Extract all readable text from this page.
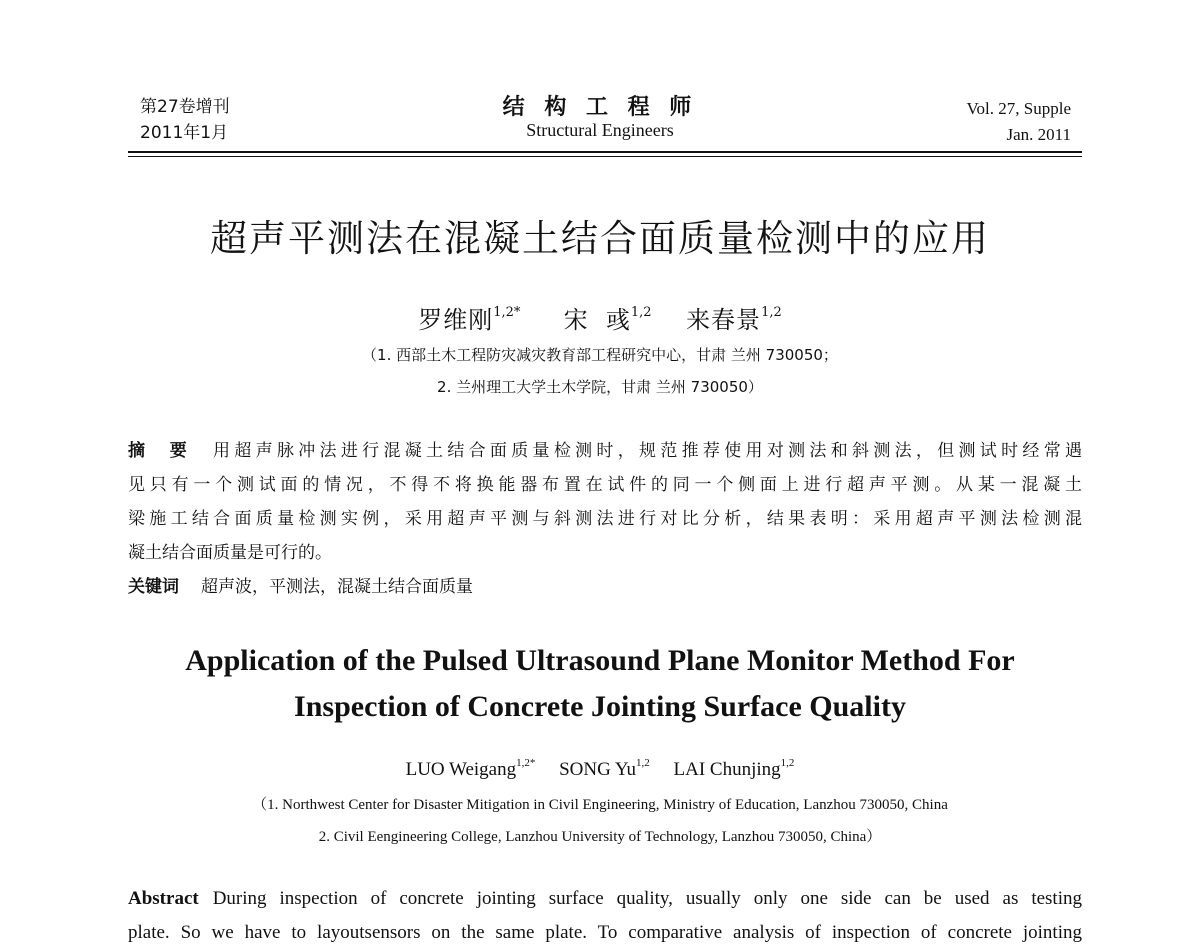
第27卷增刊
2011年1月
结 构 工 程 师
Structural Engineers
Vol. 27, Supple
Jan. 2011
超声平测法在混凝土结合面质量检测中的应用
罗维刚$^{1,2*}$ 宋  彧$^{1,2}$ 来春景$^{1,2}$
（1. 西部土木工程防灾减灾教育部工程研究中心，甘肃 兰州 730050；
2. 兰州理工大学土木学院，甘肃 兰州 730050）
摘  要 用超声脉冲法进行混凝土结合面质量检测时，规范推荐使用对测法和斜测法，但测试时经常遇
见只有一个测试面的情况，不得不将换能器布置在试件的同一个侧面上进行超声平测。从某一混凝土
梁施工结合面质量检测实例，采用超声平测与斜测法进行对比分析，结果表明：采用超声平测法检测混
凝土结合面质量是可行的。
关键词 超声波，平测法，混凝土结合面质量
Application of the Pulsed Ultrasound Plane Monitor Method For
Inspection of Concrete Jointing Surface Quality
LUO Weigang$^{1,2*}$ SONG Yu$^{1,2}$ LAI Chunjing$^{1,2}$
（1. Northwest Center for Disaster Mitigation in Civil Engineering, Ministry of Education, Lanzhou 730050, China
2. Civil Eengineering College, Lanzhou University of Technology, Lanzhou 730050, China）
Abstract During inspection of concrete jointing surface quality, usually only one side can be used as testing
plate. So we have to layoutsensors on the same plate. To comparative analysis of inspection of concrete jointing
